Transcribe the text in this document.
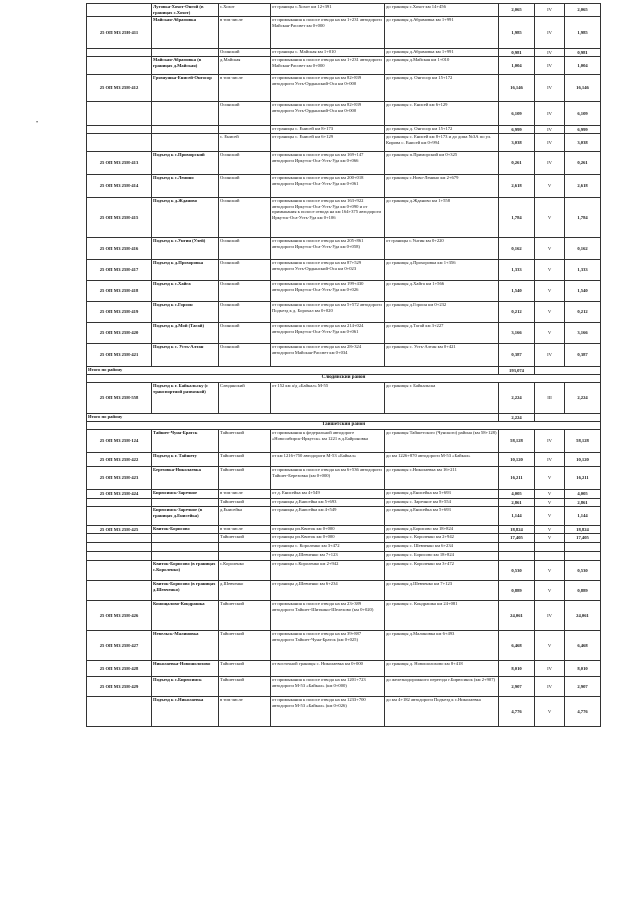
•
	Луговка-Хохот-Онгой (в границах с.Хохот)	с.Хохот	от границы с.Хохот км 12+391	до границы с.Хохот км 14+456	2,065	IV	2,065
25 ОП МЗ 25Н-411	Майская-Абрамовка	в том числе	от примыкания к полосе отвода на км 1+231 автодороги Майская-Рассвет км 0+000	до границы д.Абрамовка км 1+991	1,985	IV	1,985
		Осинский	от границы с. Майская км 1+010	до границы д.Абрамовка км 1+991	0,981	IV	0,981
	Майская-Абрамовка (в границах д.Майская)	д.Майская	от примыкания к полосе отвода на км 1+231 автодороги Майская-Рассвет км 0+000	до границы д.Майская км 1+010	1,004	IV	1,004
25 ОП МЗ 25Н-412	Грязнушка-Енисей-Онгосор	в том числе	от примыкания к полосе отвода на км 82+839 автодороги Усть-Ордынский-Оса км 0+000	до границы д. Онгосор км 15+172	16,146	IV	16,146
		Осинский	от примыкания к полосе отвода на км 82+839 автодороги Усть-Ордынский-Оса км 0+000	до границы с. Енисей км 6+129	6,109	IV	6,109
			от границы с. Енисей км 8+173	до границы д. Онгосор км 15+172	6,999	IV	6,999
		с. Енисей	от границы с. Енисей км 6+129	до границы с. Енисей км 8+173 и до дома №3А по ул. Кирова с. Енисей км 0+994	3,038	IV	3,038
25 ОП МЗ 25Н-413	Подъезд к с.Приморский	Осинский	от примыкания к полосе отвода на км 169+147 автодороги Иркутск-Оса-Усть-Уда км 0+066	до границы п.Приморский км 0+325	0,261	IV	0,261
25 ОП МЗ 25Н-414	Подъезд к с.Ленино	Осинский	от примыкания к полосе отвода на км 200+018 автодороги Иркутск-Оса-Усть-Уда км 0+061	до границы с.Ново-Ленино км 2+679	2,618	V	2,618
25 ОП МЗ 25Н-415	Подъезд к д.Жданово	Осинский	от примыкания к полосе отвода на км 163+922 автодороги Иркутск-Оса-Усть-Уда км 0+090 и от примыкания к полосе отвода на км 164+375 автодороги Иркутск-Оса-Усть-Уда км 0+106	до границы д.Жданово км 1+558	1,784	V	1,784
25 ОП МЗ 25Н-416	Подъезд к с.Унгин (Улей)	Осинский	от примыкания к полосе отвода на км 205+861 автодороги Иркутск-Оса-Усть-Уда км 0+058)	от границы с.Унгин км 0+220	0,162	V	0,162
25 ОП МЗ 25Н-417	Подъезд к д.Прохоровка	Осинский	от примыкания к полосе отвода на км 87+529 автодороги Усть-Ордынский-Оса км 0+023	до границы д.Прохоровка км 1+356	1,333	V	1,333
25 ОП МЗ 25Н-418	Подъезд к с.Хайга	Осинский	от примыкания к полосе отвода на км 199+430 автодороги Иркутск-Оса-Усть-Уда км 0+026	до границы д.Хайга км 1+566	1,540	V	1,540
25 ОП МЗ 25Н-419	Подъезд к с.Гороон	Осинский	от примыкания к полосе отвода на км 5+572 автодороги Подъезд к д. Борохал км 0+020	до границы д.Гороон км 0+232	0,212	V	0,212
25 ОП МЗ 25Н-420	Подъезд к д.Мой (Тагай)	Осинский	от примыкания к полосе отвода на км 214+024 автодороги Иркутск-Оса-Усть-Уда км 0+061	до границы д.Тагай км 3+227	3,166	V	3,166
25 ОП МЗ 25Н-421	Подъезд к с. Усть-Алтан	Осинский	от примыкания к полосе отвода на км 28+324 автодороги Майская-Рассвет км 0+034	до границы с. Усть-Алтан км 0+421	0,387	IV	0,387
Итого по району					193,074		
Слюдянский район							
25 ОП МЗ 25Н-558	Подъезд к г. Байкальску (с транспортной развязкой)	Слюдянский	от 152 км а/д «Байкал» М-55	до границы г. Байкальска	2,224	III	2,224
Итого по району					2,224		
Тайшетский район							
25 ОП МЗ 25Н-124	Тайшет-Чуна-Братск	Тайшетский	от примыкания к федеральной автодороге «Новосибирск-Иркутск» км 1221 в д.Байроновка	до границы Тайшетского (Чунского) района (км 58+128)	58,128	IV	58,128
25 ОП МЗ 25Н-422	Подъезд к г. Тайшету	Тайшетский	от км 1216+750 автодороги М-53 «Байкал»	до км 1226+870 автодороги М-53 «Байкал»	10,120	IV	10,120
25 ОП МЗ 25Н-423	Березовка-Николаевка	Тайшетский	от примыкания к полосе отвода на км 6+536 автодороги Тайшет-Березовка (км 0+000)	до границы с.Николаевка км 16+211	16,211	V	16,211
25 ОП МЗ 25Н-424	Бирюсинск-Заречное	в том числе	от д. Енисейка км 4+549	до границы д.Енисейка км 5+693	4,005	V	4,005
		Тайшетский	от границы д.Енисейка км 5+693	до границы с. Заречное км 8+554	2,861	V	2,861
	Бирюсинск-Заречное (в границах д.Енисейка)	д.Енисейка	от границы д.Енисейка км 4+549	до границы д.Енисейка км 5+693	1,144	V	1,144
25 ОП МЗ 25Н-425	Квиток-Борисово	в том числе	от границы рп.Квиток км 0+000	до границы д.Борисово км 18+824	18,824	V	18,824
		Тайшетский	от границы рп.Квиток км 0+000	до границы с. Короленко км 2+942	17,405	V	17,405
			от границы с. Короленко км 3+472	до границы с. Шевченко км 6+234			
			от границы д.Шевченко км 7+123	до границы с. Борисово км 18+824			
	Квиток-Борисово (в границах с.Короленко)	с.Короленко	от границы с.Короленко км 2+942	до границы с. Короленко км 3+472	0,530	V	0,530
	Квиток-Борисово (в границах д.Шевченко)	д.Шевченко	от границы д.Шевченко км 6+234	до границы д.Шевченко км 7+123	0,889	V	0,889
25 ОП МЗ 25Н-426	Конощалово-Кондрашка	Тайшетский	от примыкания к полосе отвода на км 23+389 автодороги Тайшет-Шиткино-Шелехово (км 0+020)	до границы с. Кондрашка км 24+081	24,061	IV	24,061
25 ОП МЗ 25Н-427	Невельск-Малиновка	Тайшетский	от примыкания к полосе отвода на км 39+887 автодороги Тайшет-Чуна-Братск (км 0+025)	до границы д.Малиновка км 6+493	6,468	V	6,468
25 ОП МЗ 25Н-428	Николаевка-Новошолохово	Тайшетский	от восточной границы с. Николаевка км 0+000	до границы д. Новошолохово км 8+418	8,010	IV	8,010
25 ОП МЗ 25Н-429	Подъезд к с.Бирюсинск	Тайшетский	от примыкания к полосе отвода на км 1201+723 автодороги М-53 «Байкал» (км 0+000)	до железнодорожного переезда г.Бирюсинск (км 2+907)	2,907	IV	2,907
	Подъезд к с.Николаевка	в том числе	от примыкания к полосе отвода на км 1233+700 автодороги М-53 «Байкал» (км 0+026)	до км 4+182 автодороги Подъезд к с.Николаевка	4,776	V	4,776
